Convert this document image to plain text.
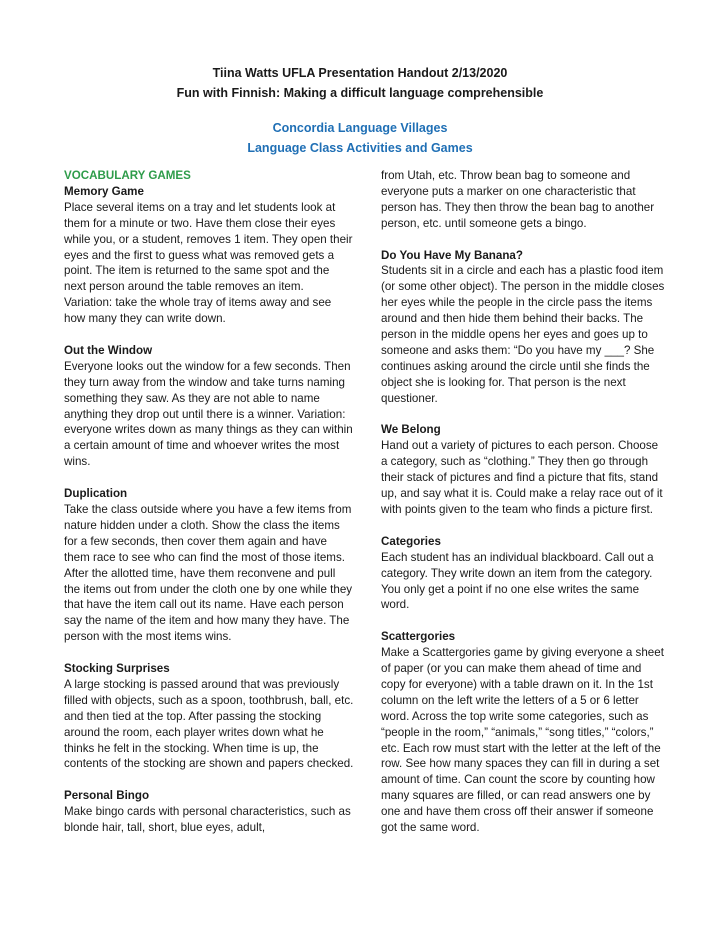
Tiina Watts UFLA Presentation Handout 2/13/2020
Fun with Finnish: Making a difficult language comprehensible
Concordia Language Villages
Language Class Activities and Games

VOCABULARY GAMES

Memory Game

Place several items on a tray and let students look at them for a minute or two. Have them close their eyes while you, or a student, removes 1 item. They open their eyes and the first to guess what was removed gets a point. The item is returned to the same spot and the next person around the table removes an item. Variation: take the whole tray of items away and see how many they can write down.

Out the Window

Everyone looks out the window for a few seconds. Then they turn away from the window and take turns naming something they saw. As they are not able to name anything they drop out until there is a winner. Variation: everyone writes down as many things as they can within a certain amount of time and whoever writes the most wins.

Duplication

Take the class outside where you have a few items from nature hidden under a cloth. Show the class the items for a few seconds, then cover them again and have them race to see who can find the most of those items. After the allotted time, have them reconvene and pull the items out from under the cloth one by one while they that have the item call out its name. Have each person say the name of the item and how many they have. The person with the most items wins.

Stocking Surprises

A large stocking is passed around that was previously filled with objects, such as a spoon, toothbrush, ball, etc. and then tied at the top. After passing the stocking around the room, each player writes down what he thinks he felt in the stocking. When time is up, the contents of the stocking are shown and papers checked.

Personal Bingo

Make bingo cards with personal characteristics, such as blonde hair, tall, short, blue eyes, adult,

from Utah, etc. Throw bean bag to someone and everyone puts a marker on one characteristic that person has. They then throw the bean bag to another person, etc. until someone gets a bingo.

Do You Have My Banana?

Students sit in a circle and each has a plastic food item (or some other object). The person in the middle closes her eyes while the people in the circle pass the items around and then hide them behind their backs. The person in the middle opens her eyes and goes up to someone and asks them: “Do you have my ___? She continues asking around the circle until she finds the object she is looking for. That person is the next questioner.

We Belong

Hand out a variety of pictures to each person. Choose a category, such as “clothing.” They then go through their stack of pictures and find a picture that fits, stand up, and say what it is. Could make a relay race out of it with points given to the team who finds a picture first.

Categories

Each student has an individual blackboard. Call out a category. They write down an item from the category. You only get a point if no one else writes the same word.

Scattergories

Make a Scattergories game by giving everyone a sheet of paper (or you can make them ahead of time and copy for everyone) with a table drawn on it. In the 1st column on the left write the letters of a 5 or 6 letter word. Across the top write some categories, such as “people in the room,” “animals,” “song titles,” “colors,” etc. Each row must start with the letter at the left of the row. See how many spaces they can fill in during a set amount of time. Can count the score by counting how many squares are filled, or can read answers one by one and have them cross off their answer if someone got the same word.
